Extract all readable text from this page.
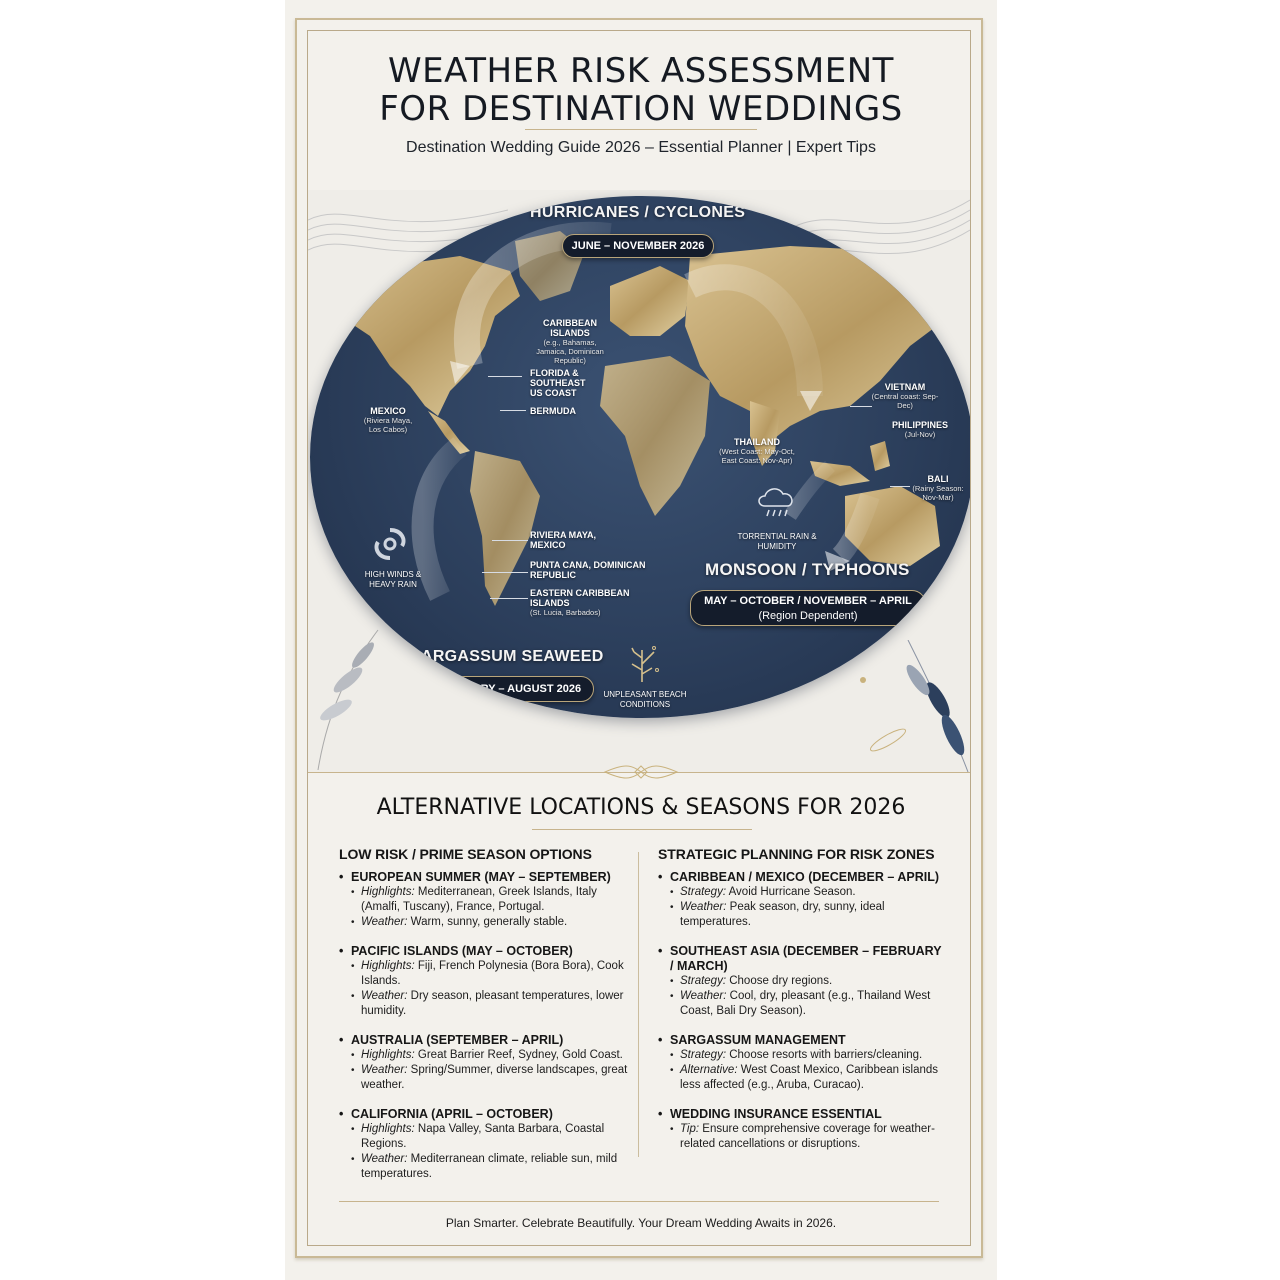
WEATHER RISK ASSESSMENT
FOR DESTINATION WEDDINGS
Destination Wedding Guide 2026 – Essential Planner | Expert Tips
HURRICANES / CYCLONES
JUNE – NOVEMBER 2026
CARIBBEAN ISLANDS
(e.g., Bahamas, Jamaica, Dominican Republic)
FLORIDA & SOUTHEAST US COAST
BERMUDA
MEXICO
(Riviera Maya, Los Cabos)
HIGH WINDS & HEAVY RAIN
VIETNAM
(Central coast: Sep-Dec)
PHILIPPINES
(Jul-Nov)
THAILAND
(West Coast: May-Oct, East Coast: Nov-Apr)
BALI
(Rainy Season: Nov-Mar)
TORRENTIAL RAIN & HUMIDITY
MONSOON / TYPHOONS
MAY – OCTOBER / NOVEMBER – APRIL
(Region Dependent)
RIVIERA MAYA, MEXICO
PUNTA CANA, DOMINICAN REPUBLIC
EASTERN CARIBBEAN ISLANDS
(St. Lucia, Barbados)
SARGASSUM SEAWEED
FEBRUARY – AUGUST 2026	UNPLEASANT BEACH CONDITIONS
ALTERNATIVE LOCATIONS & SEASONS FOR 2026
LOW RISK / PRIME SEASON OPTIONS
• EUROPEAN SUMMER (MAY – SEPTEMBER)
• Highlights: Mediterranean, Greek Islands, Italy (Amalfi, Tuscany), France, Portugal.
• Weather: Warm, sunny, generally stable.
• PACIFIC ISLANDS (MAY – OCTOBER)
• Highlights: Fiji, French Polynesia (Bora Bora), Cook Islands.
• Weather: Dry season, pleasant temperatures, lower humidity.
• AUSTRALIA (SEPTEMBER – APRIL)
• Highlights: Great Barrier Reef, Sydney, Gold Coast.
• Weather: Spring/Summer, diverse landscapes, great weather.
• CALIFORNIA (APRIL – OCTOBER)
• Highlights: Napa Valley, Santa Barbara, Coastal Regions.
• Weather: Mediterranean climate, reliable sun, mild temperatures.
STRATEGIC PLANNING FOR RISK ZONES
• CARIBBEAN / MEXICO (DECEMBER – APRIL)
• Strategy: Avoid Hurricane Season.
• Weather: Peak season, dry, sunny, ideal temperatures.
• SOUTHEAST ASIA (DECEMBER – FEBRUARY / MARCH)
• Strategy: Choose dry regions.
• Weather: Cool, dry, pleasant (e.g., Thailand West Coast, Bali Dry Season).
• SARGASSUM MANAGEMENT
• Strategy: Choose resorts with barriers/cleaning.
• Alternative: West Coast Mexico, Caribbean islands less affected (e.g., Aruba, Curacao).
• WEDDING INSURANCE ESSENTIAL
• Tip: Ensure comprehensive coverage for weather-related cancellations or disruptions.
Plan Smarter. Celebrate Beautifully. Your Dream Wedding Awaits in 2026.
